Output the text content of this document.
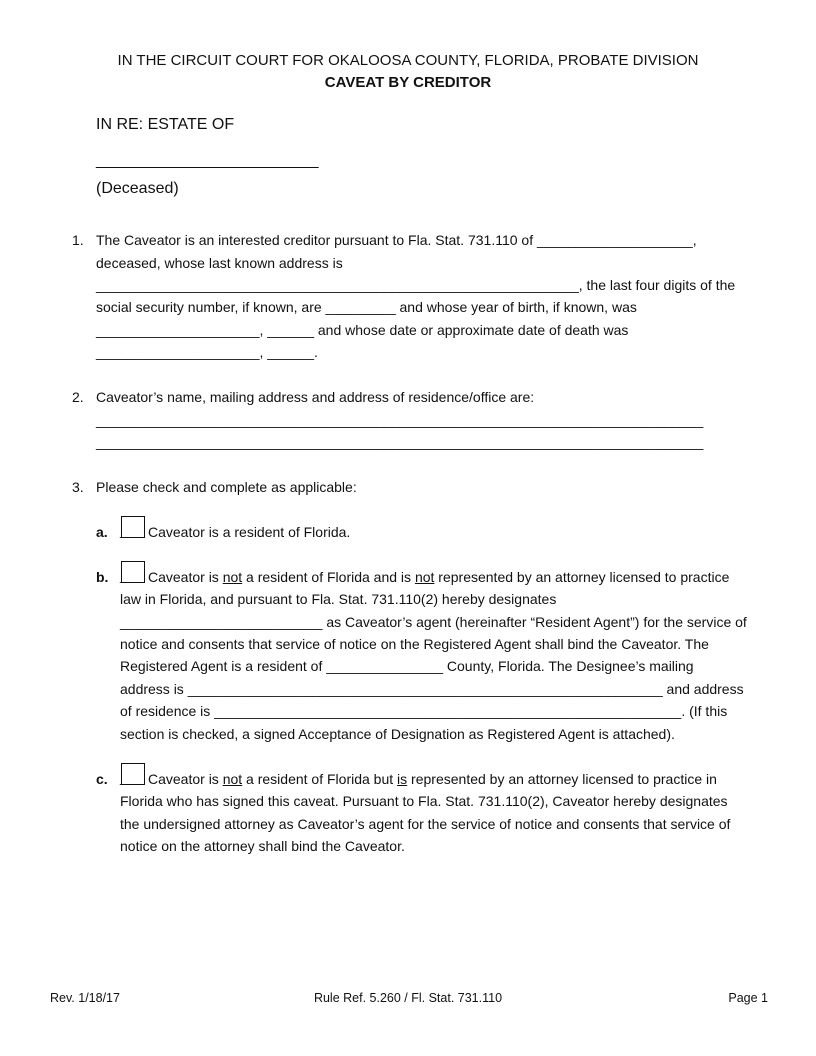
IN THE CIRCUIT COURT FOR OKALOOSA COUNTY, FLORIDA, PROBATE DIVISION
CAVEAT BY CREDITOR
IN RE: ESTATE OF
_________________________
(Deceased)
1. The Caveator is an interested creditor pursuant to Fla. Stat. 731.110 of ____________________,
deceased, whose last known address is
______________________________________________________________, the last four digits of the
social security number, if known, are _________ and whose year of birth, if known, was
_____________________, ______ and whose date or approximate date of death was
_____________________, ______.
2. Caveator’s name, mailing address and address of residence/office are:
______________________________________________________________________________
______________________________________________________________________________
3. Please check and complete as applicable:
a. ___ Caveator is a resident of Florida.
b. ___ Caveator is not a resident of Florida and is not represented by an attorney licensed to practice
law in Florida, and pursuant to Fla. Stat. 731.110(2) hereby designates
__________________________ as Caveator’s agent (hereinafter “Resident Agent”) for the service of
notice and consents that service of notice on the Registered Agent shall bind the Caveator. The
Registered Agent is a resident of _______________ County, Florida. The Designee’s mailing
address is _____________________________________________________________ and address
of residence is ____________________________________________________________. (If this
section is checked, a signed Acceptance of Designation as Registered Agent is attached).
c. ___ Caveator is not a resident of Florida but is represented by an attorney licensed to practice in
Florida who has signed this caveat. Pursuant to Fla. Stat. 731.110(2), Caveator hereby designates
the undersigned attorney as Caveator’s agent for the service of notice and consents that service of
notice on the attorney shall bind the Caveator.
Rev. 1/18/17	Rule Ref. 5.260 / Fl. Stat. 731.110	Page 1
